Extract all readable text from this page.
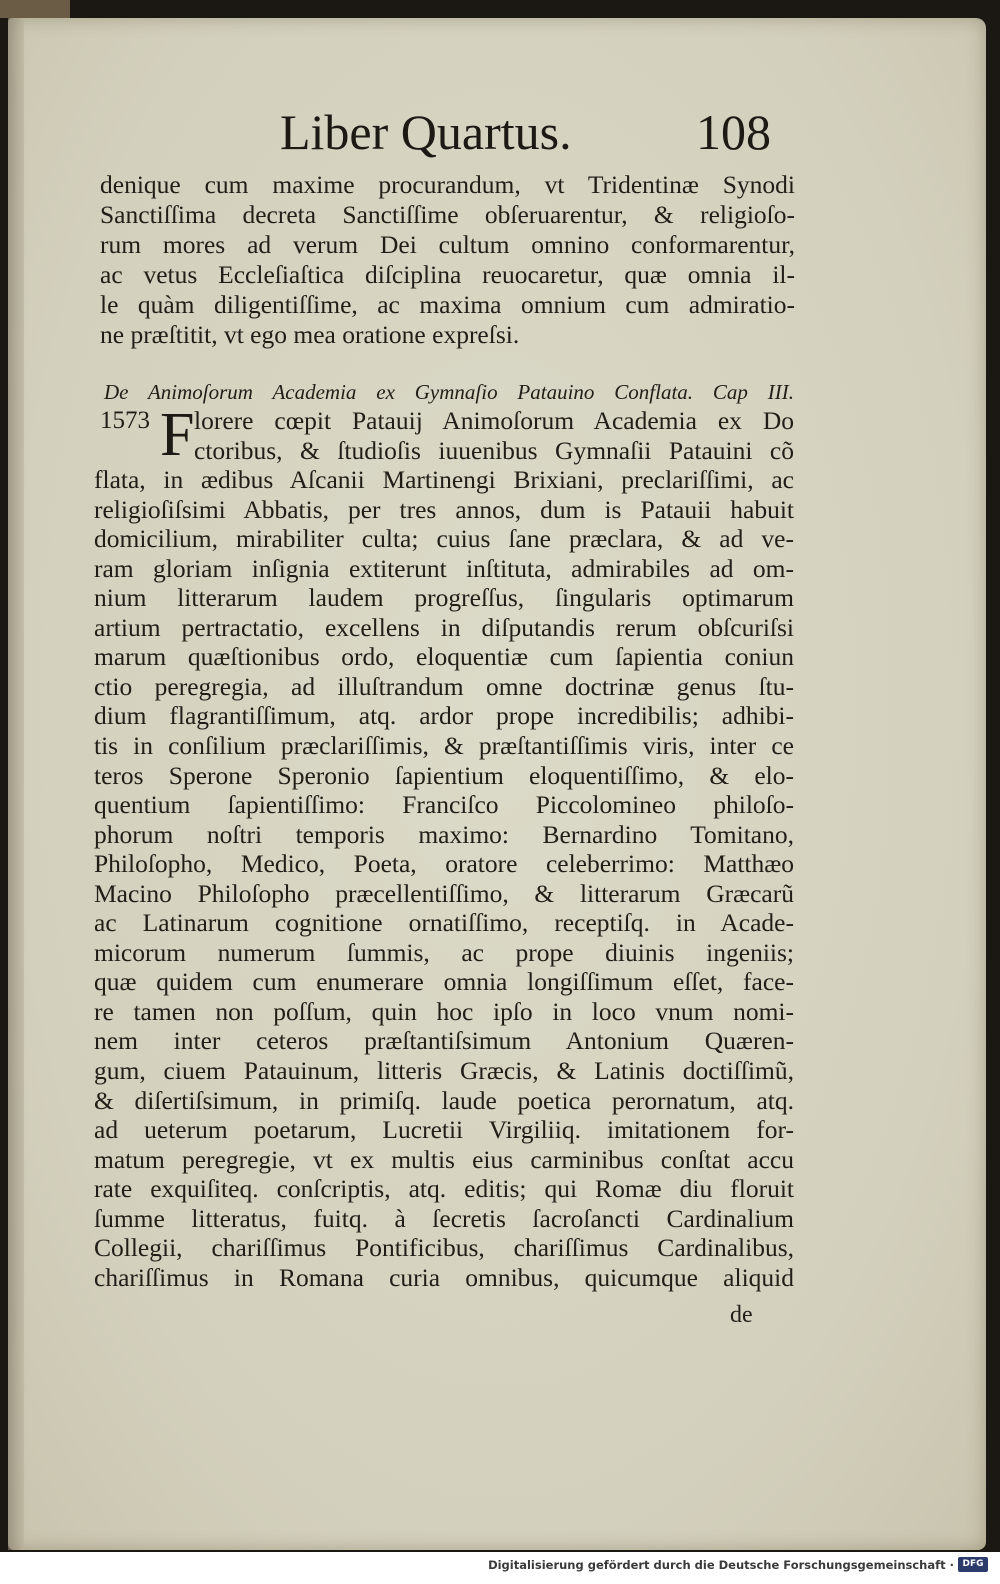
Liber Quartus. 108
denique cum maxime procurandum, vt Tridentinæ Synodi
Sanctiſſima decreta Sanctiſſime obſeruarentur, & religioſo-
rum mores ad verum Dei cultum omnino conformarentur,
ac vetus Eccleſiaſtica diſciplina reuocaretur, quæ omnia il-
le quàm diligentiſſime, ac maxima omnium cum admiratio-
ne præſtitit, vt ego mea oratione expreſsi.
De Animoſorum Academia ex Gymnaſio Patauino Conflata. Cap III.
1573 F lorere cœpit Patauij Animoſorum Academia ex Do
ctoribus, & ſtudioſis iuuenibus Gymnaſii Patauini cõ
flata, in ædibus Aſcanii Martinengi Brixiani, preclariſſimi, ac
religioſiſsimi Abbatis, per tres annos, dum is Patauii habuit
domicilium, mirabiliter culta; cuius ſane præclara, & ad ve-
ram gloriam inſignia extiterunt inſtituta, admirabiles ad om-
nium litterarum laudem progreſſus, ſingularis optimarum
artium pertractatio, excellens in diſputandis rerum obſcuriſsi
marum quæſtionibus ordo, eloquentiæ cum ſapientia coniun
ctio peregregia, ad illuſtrandum omne doctrinæ genus ſtu-
dium flagrantiſſimum, atq. ardor prope incredibilis; adhibi-
tis in conſilium præclariſſimis, & præſtantiſſimis viris, inter ce
teros Sperone Speronio ſapientium eloquentiſſimo, & elo-
quentium ſapientiſſimo: Franciſco Piccolomineo philoſo-
phorum noſtri temporis maximo: Bernardino Tomitano,
Philoſopho, Medico, Poeta, oratore celeberrimo: Matthæo
Macino Philoſopho præcellentiſſimo, & litterarum Græcarũ
ac Latinarum cognitione ornatiſſimo, receptiſq. in Acade-
micorum numerum ſummis, ac prope diuinis ingeniis;
quæ quidem cum enumerare omnia longiſſimum eſſet, face-
re tamen non poſſum, quin hoc ipſo in loco vnum nomi-
nem inter ceteros præſtantiſsimum Antonium Quæren-
gum, ciuem Patauinum, litteris Græcis, & Latinis doctiſſimũ,
& diſertiſsimum, in primiſq. laude poetica perornatum, atq.
ad ueterum poetarum, Lucretii Virgiliiq. imitationem for-
matum peregregie, vt ex multis eius carminibus conſtat accu
rate exquiſiteq. conſcriptis, atq. editis; qui Romæ diu floruit
ſumme litteratus, fuitq. à ſecretis ſacroſancti Cardinalium
Collegii, chariſſimus Pontificibus, chariſſimus Cardinalibus,
chariſſimus in Romana curia omnibus, quicumque aliquid
de
Digitalisierung gefördert durch die Deutsche Forschungsgemeinschaft · DFG
